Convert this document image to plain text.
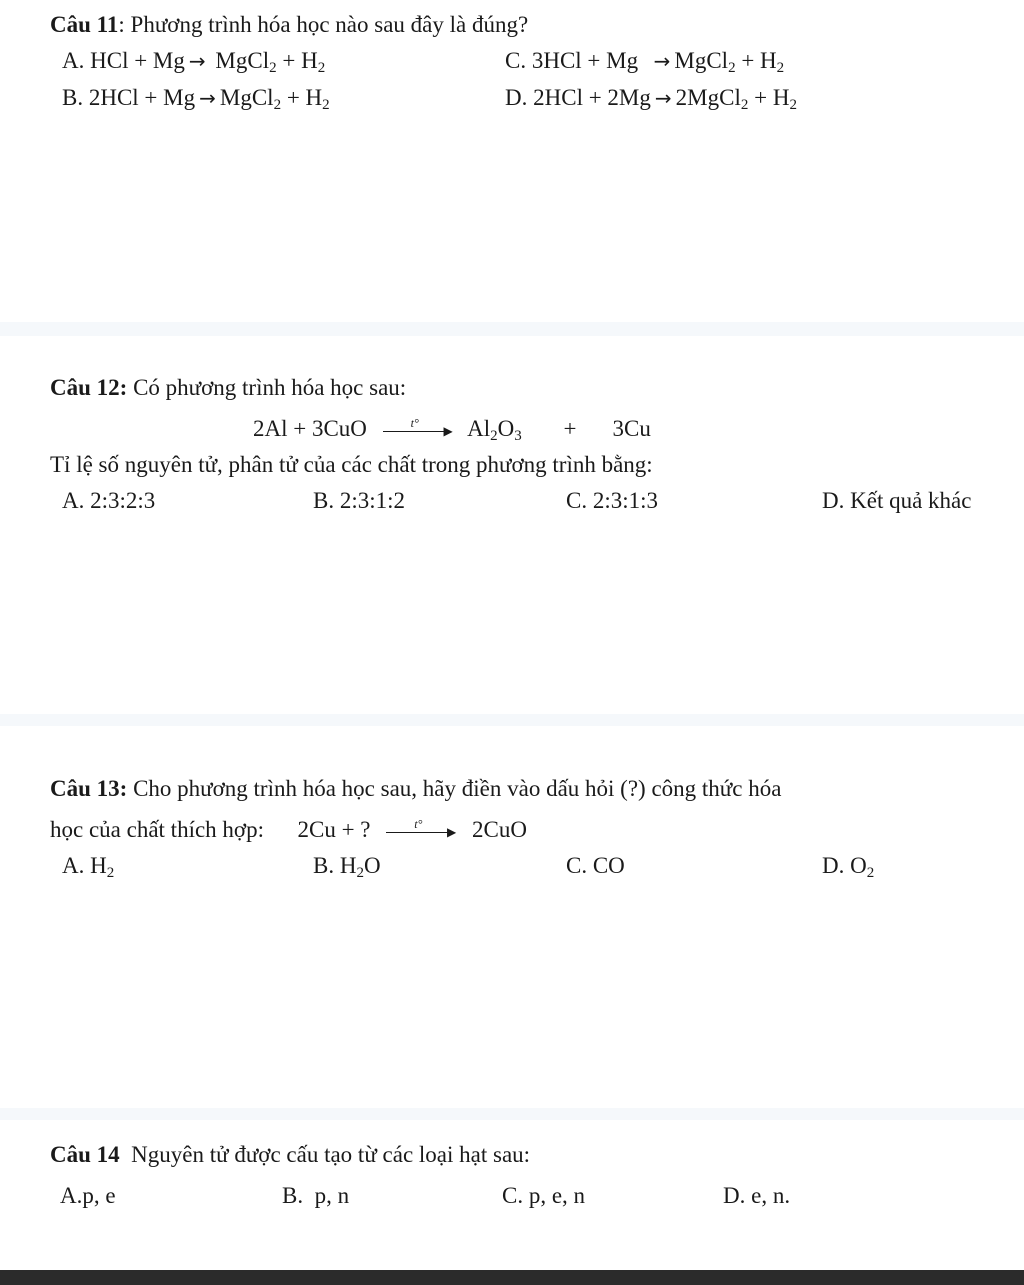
Câu 11: Phương trình hóa học nào sau đây là đúng?
A. HCl + Mg → MgCl$_2$ + $H_2$
B. 2HCl + Mg → MgCl$_2$ + $H_2$
C. 3HCl + Mg → MgCl$_2$ + $H_2$
D. 2HCl + 2Mg → 2MgCl$_2$ + $H_2$
Câu 12: Có phương trình hóa học sau:
2Al + 3CuO	t°
▶ $Al_2O_3 + 3Cu$
Tỉ lệ số nguyên tử, phân tử của các chất trong phương trình bằng:
A. 2:3:2:3	B. 2:3:1:2	C. 2:3:1:3	D. Kết quả khác
Câu 13: Cho phương trình hóa học sau, hãy điền vào dấu hỏi (?) công thức hóa
học của chất thích hợp: 2Cu + ?	t°
▶ 2CuO
A. $H_2$	B. $H_2O$	C. CO	D. $O_2$
Câu 14  Nguyên tử được cấu tạo từ các loại hạt sau:
A.p, e	B. p, n	C. p, e, n	D. e, n.
